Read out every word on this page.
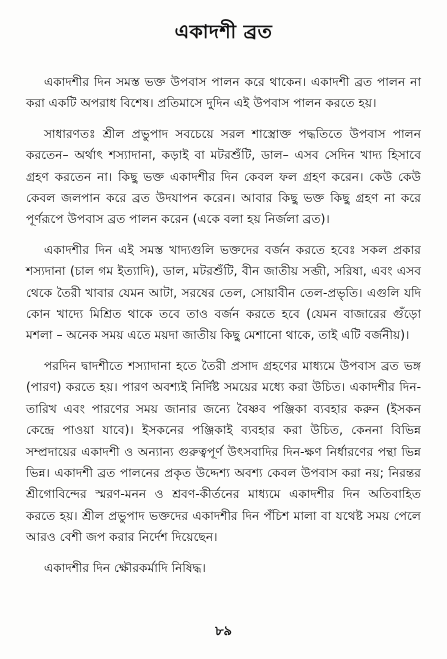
একাদশী ব্রত

একাদশীর দিন সমস্ত ভক্ত উপবাস পালন করে থাকেন। একাদশী ব্রত পালন না করা একটি অপরাধ বিশেষ। প্রতিমাসে দুদিন এই উপবাস পালন করতে হয়।

সাধারণতঃ শ্রীল প্রভুপাদ সবচেয়ে সরল শাস্ত্রোক্ত পদ্ধতিতে উপবাস পালন করতেন– অর্থাৎ শস্যাদানা, কড়াই বা মটরশুঁটি, ডাল– এসব সেদিন খাদ্য হিসাবে গ্রহণ করতেন না। কিছু ভক্ত একাদশীর দিন কেবল ফল গ্রহণ করেন। কেউ কেউ কেবল জলপান করে ব্রত উদযাপন করেন। আবার কিছু ভক্ত কিছু গ্রহণ না করে পূর্ণরূপে উপবাস ব্রত পালন করেন (একে বলা হয় নির্জলা ব্রত)।

একাদশীর দিন এই সমস্ত খাদ্যগুলি ভক্তদের বর্জন করতে হবেঃ সকল প্রকার শস্যদানা (চাল গম ইত্যাদি), ডাল, মটরশুঁটি, বীন জাতীয় সব্জী, সরিষা, এবং এসব থেকে তৈরী খাবার যেমন আটা, সরষের তেল, সোয়াবীন তেল-প্রভৃতি। এগুলি যদি কোন খাদ্যে মিশ্রিত থাকে তবে তাও বর্জন করতে হবে (যেমন বাজারের গুঁড়ো মশলা – অনেক সময় এতে ময়দা জাতীয় কিছু মেশানো থাকে, তাই এটি বর্জনীয়)।

পরদিন দ্বাদশীতে শস্যাদানা হতে তৈরী প্রসাদ গ্রহণের মাধ্যমে উপবাস ব্রত ভঙ্গ (পারণ) করতে হয়। পারণ অবশ্যই নির্দিষ্ট সময়ের মধ্যে করা উচিত। একাদশীর দিন-তারিখ এবং পারণের সময় জানার জন্যে বৈষ্ণব পঞ্জিকা ব্যবহার করুন (ইসকন কেন্দ্রে পাওয়া যাবে)। ইসকনের পঞ্জিকাই ব্যবহার করা উচিত, কেননা বিভিন্ন সম্প্রদায়ের একাদশী ও অন্যান্য গুরুত্বপূর্ণ উৎসবাদির দিন-ক্ষণ নির্ধারণের পন্থা ভিন্ন ভিন্ন। একাদশী ব্রত পালনের প্রকৃত উদ্দেশ্য অবশ্য কেবল উপবাস করা নয়; নিরন্তর শ্রীগোবিন্দের স্মরণ-মনন ও শ্রবণ-কীর্তনের মাধ্যমে একাদশীর দিন অতিবাহিত করতে হয়। শ্রীল প্রভুপাদ ভক্তদের একাদশীর দিন পঁচিশ মালা বা যথেষ্ট সময় পেলে আরও বেশী জপ করার নির্দেশ দিয়েছেন।

একাদশীর দিন ক্ষৌরকর্মাদি নিষিদ্ধ।

৮৯
